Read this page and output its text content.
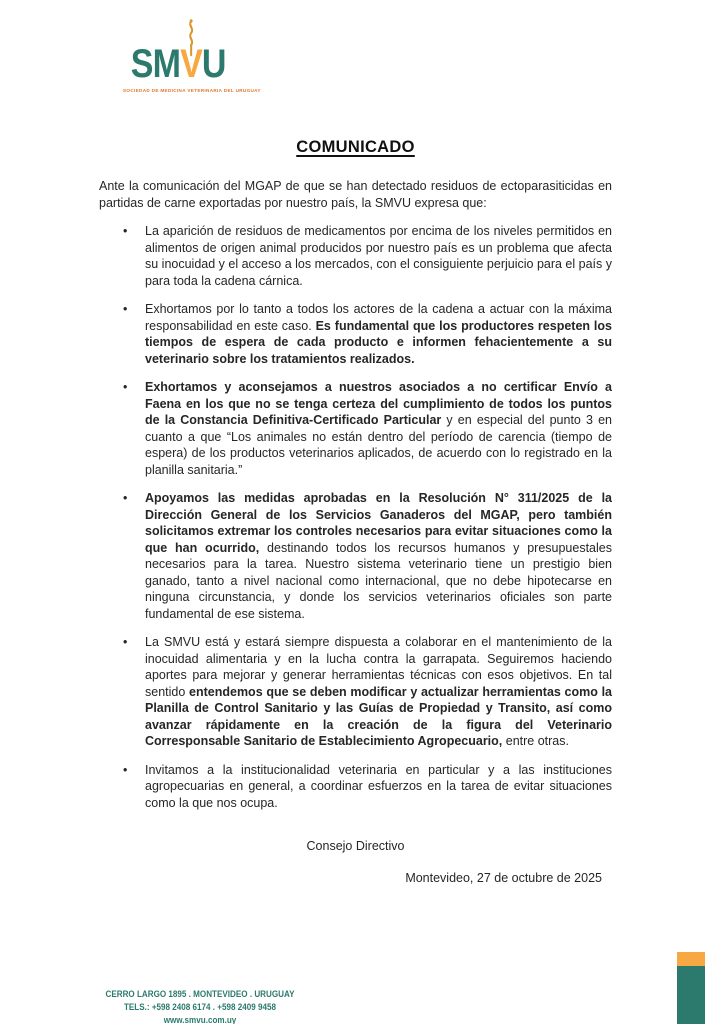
SM
VU
SOCIEDAD DE MEDICINA VETERINARIA DEL URUGUAY
COMUNICADO

Ante la comunicación del MGAP de que se han detectado residuos de ectoparasiticidas en partidas de carne exportadas por nuestro país, la SMVU expresa que:

• La aparición de residuos de medicamentos por encima de los niveles permitidos en alimentos de origen animal producidos por nuestro país es un problema que afecta su inocuidad y el acceso a los mercados, con el consiguiente perjuicio para el país y para toda la cadena cárnica.
• Exhortamos por lo tanto a todos los actores de la cadena a actuar con la máxima responsabilidad en este caso. Es fundamental que los productores respeten los tiempos de espera de cada producto e informen fehacientemente a su veterinario sobre los tratamientos realizados.
• Exhortamos y aconsejamos a nuestros asociados a no certificar Envío a Faena en los que no se tenga certeza del cumplimiento de todos los puntos de la Constancia Definitiva-Certificado Particular y en especial del punto 3 en cuanto a que “Los animales no están dentro del período de carencia (tiempo de espera) de los productos veterinarios aplicados, de acuerdo con lo registrado en la planilla sanitaria.”
• Apoyamos las medidas aprobadas en la Resolución N° 311/2025 de la Dirección General de los Servicios Ganaderos del MGAP, pero también solicitamos extremar los controles necesarios para evitar situaciones como la que han ocurrido, destinando todos los recursos humanos y presupuestales necesarios para la tarea. Nuestro sistema veterinario tiene un prestigio bien ganado, tanto a nivel nacional como internacional, que no debe hipotecarse en ninguna circunstancia, y donde los servicios veterinarios oficiales son parte fundamental de ese sistema.
• La SMVU está y estará siempre dispuesta a colaborar en el mantenimiento de la inocuidad alimentaria y en la lucha contra la garrapata. Seguiremos haciendo aportes para mejorar y generar herramientas técnicas con esos objetivos. En tal sentido entendemos que se deben modificar y actualizar herramientas como la Planilla de Control Sanitario y las Guías de Propiedad y Transito, así como avanzar rápidamente en la creación de la figura del Veterinario Corresponsable Sanitario de Establecimiento Agropecuario, entre otras.
• Invitamos a la institucionalidad veterinaria en particular y a las instituciones agropecuarias en general, a coordinar esfuerzos en la tarea de evitar situaciones como la que nos ocupa.

Consejo Directivo

Montevideo, 27 de octubre de 2025

CERRO LARGO 1895 . MONTEVIDEO . URUGUAY
TELS.: +598 2408 6174 . +598 2409 9458
www.smvu.com.uy
